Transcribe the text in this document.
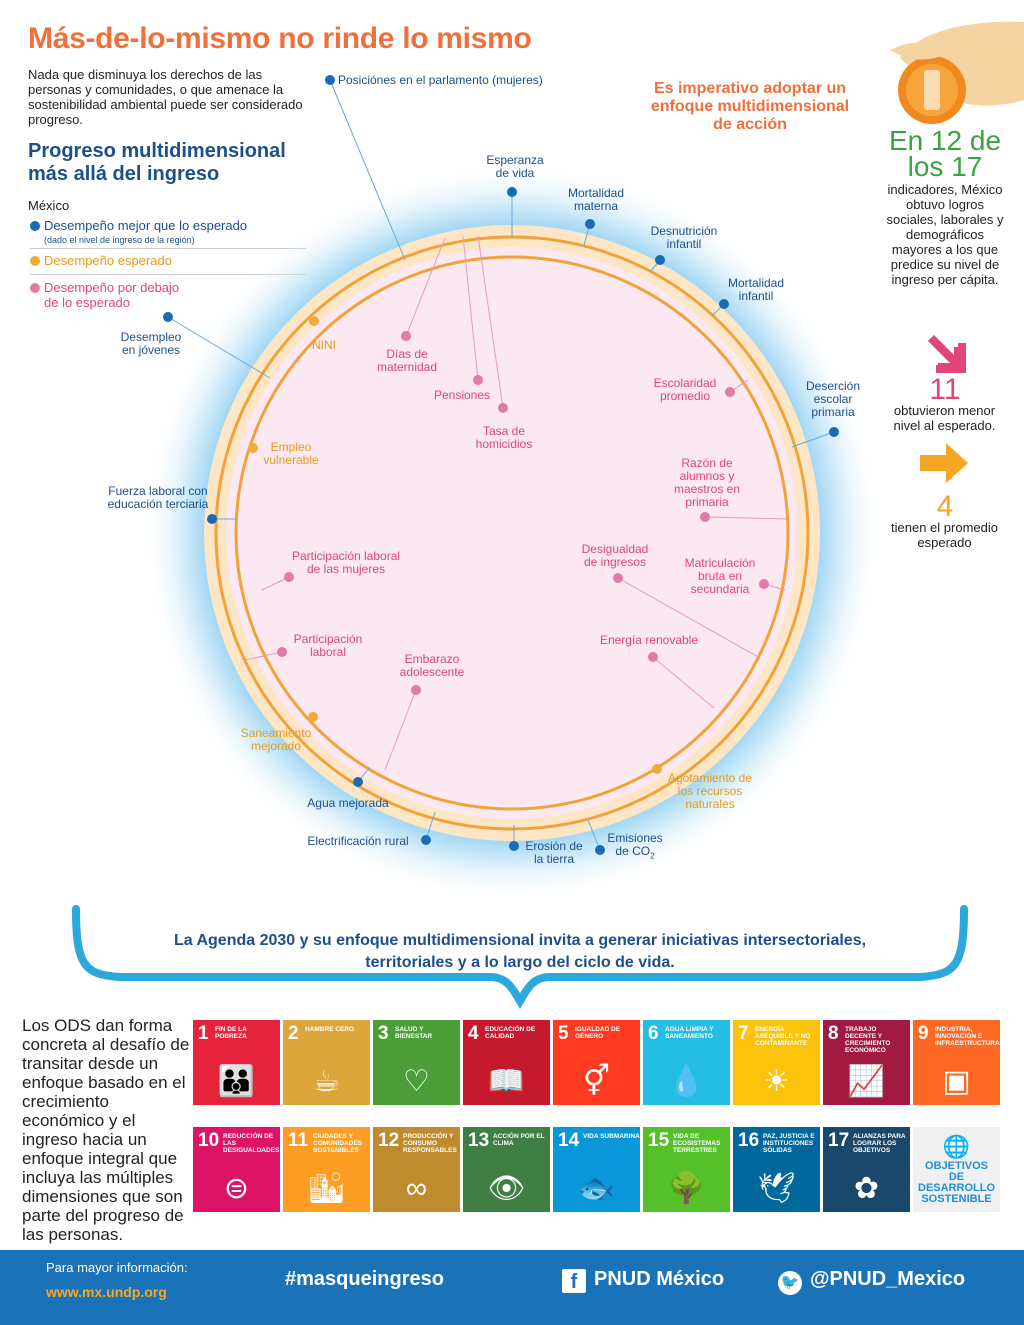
Más-de-lo-mismo no rinde lo mismo
Nada que disminuya los derechos de las personas y comunidades, o que amenace la sostenibilidad ambiental puede ser considerado progreso.
Progreso multidimensional
más allá del ingreso
México
Desempeño mejor que lo esperado
(dado el nivel de ingreso de la región)
Desempeño esperado
Desempeño por debajo
de lo esperado
Posiciónes en el parlamento (mujeres)
Esperanza de vida
Mortalidad materna
Desnutrición infantil
Mortalidad infantil
Deserción escolar primaria
Desempleo en jóvenes
Fuerza laboral con educación terciaria
Agua mejorada
Electrificación rural	Erosión de la tierra
Emisiones de $CO_2$
NINI
Empleo vulnerable
Saneamiento mejorado
Agotamiento de los recursos naturales
Días de maternidad
Pensiones
Tasa de homicidios
Escolaridad promedio
Razón de alumnos y maestros en primaria
Desigualdad de ingresos	Matriculación bruta en secundaria
Participación laboral de las mujeres
Participación laboral
Energía renovable
Embarazo adolescente
Es imperativo adoptar un enfoque multidimensional de acción
En 12 de
los 17
indicadores, México obtuvo logros sociales, laborales y demográficos mayores a los que predice su nivel de ingreso per cápita.
11
obtuvieron menor nivel al esperado.
4
tienen el promedio esperado
La Agenda 2030 y su enfoque multidimensional invita a generar iniciativas intersectoriales,
territoriales y a lo largo del ciclo de vida.
Los ODS dan forma concreta al desafío de transitar desde un enfoque basado en el crecimiento económico y el ingreso hacia un enfoque integral que incluya las múltiples dimensiones que son parte del progreso de las personas.
1 FIN DE LA POBREZA
👪
2 HAMBRE CERO
☕
3 SALUD Y BIENESTAR
♡
4 EDUCACIÓN DE CALIDAD
📖
5 IGUALDAD DE GÉNERO
⚥
6 AGUA LIMPIA Y SANEAMIENTO
💧
7 ENERGÍA ASEQUIBLE Y NO CONTAMINANTE
☀
8 TRABAJO DECENTE Y CRECIMIENTO ECONÓMICO
📈
9 INDUSTRIA, INNOVACIÓN E INFRAESTRUCTURA
▣
10 REDUCCIÓN DE LAS DESIGUALDADES
⊜
11 CIUDADES Y COMUNIDADES SOSTENIBLES
🏙
12 PRODUCCIÓN Y CONSUMO RESPONSABLES
∞
13 ACCIÓN POR EL CLIMA
👁
14 VIDA SUBMARINA
🐟
15 VIDA DE ECOSISTEMAS TERRESTRES
🌳
16 PAZ, JUSTICIA E INSTITUCIONES SÓLIDAS
🕊
17 ALIANZAS PARA LOGRAR LOS OBJETIVOS
✿
🌐
OBJETIVOS
DE DESARROLLO
SOSTENIBLE
Para mayor información:
www.mx.undp.org
#masqueingreso	f PNUD México	🐦 @PNUD_Mexico
